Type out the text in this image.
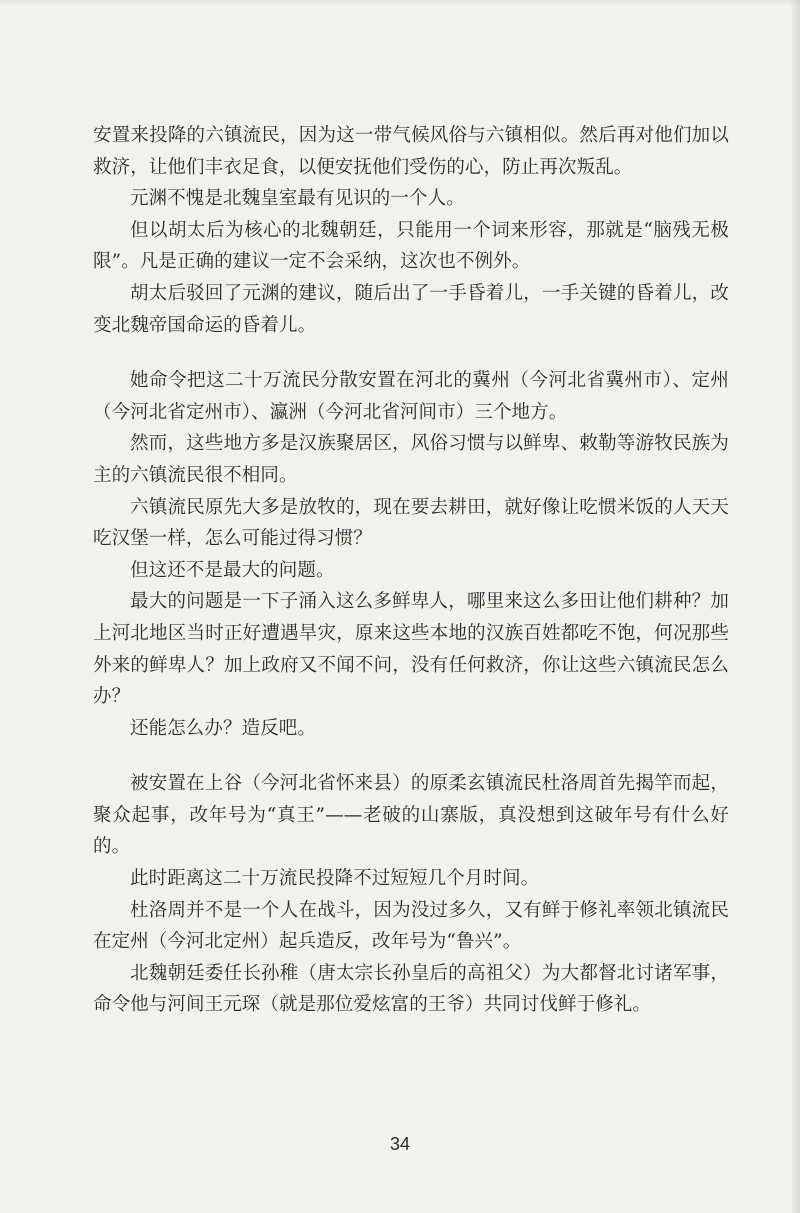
安置来投降的六镇流民，因为这一带气候风俗与六镇相似。然后再对他们加以救济，让他们丰衣足食，以便安抚他们受伤的心，防止再次叛乱。

元渊不愧是北魏皇室最有见识的一个人。

但以胡太后为核心的北魏朝廷，只能用一个词来形容，那就是“脑残无极限”。凡是正确的建议一定不会采纳，这次也不例外。

胡太后驳回了元渊的建议，随后出了一手昏着儿，一手关键的昏着儿，改变北魏帝国命运的昏着儿。

她命令把这二十万流民分散安置在河北的冀州（今河北省冀州市）、定州（今河北省定州市）、瀛洲（今河北省河间市）三个地方。

然而，这些地方多是汉族聚居区，风俗习惯与以鲜卑、敕勒等游牧民族为主的六镇流民很不相同。

六镇流民原先大多是放牧的，现在要去耕田，就好像让吃惯米饭的人天天吃汉堡一样，怎么可能过得习惯？

但这还不是最大的问题。

最大的问题是一下子涌入这么多鲜卑人，哪里来这么多田让他们耕种？加上河北地区当时正好遭遇旱灾，原来这些本地的汉族百姓都吃不饱，何况那些外来的鲜卑人？加上政府又不闻不问，没有任何救济，你让这些六镇流民怎么办？

还能怎么办？造反吧。

被安置在上谷（今河北省怀来县）的原柔玄镇流民杜洛周首先揭竿而起，聚众起事，改年号为“真王”——老破的山寨版，真没想到这破年号有什么好的。

此时距离这二十万流民投降不过短短几个月时间。

杜洛周并不是一个人在战斗，因为没过多久，又有鲜于修礼率领北镇流民在定州（今河北定州）起兵造反，改年号为“鲁兴”。

北魏朝廷委任长孙稚（唐太宗长孙皇后的高祖父）为大都督北讨诸军事，命令他与河间王元琛（就是那位爱炫富的王爷）共同讨伐鲜于修礼。

34
